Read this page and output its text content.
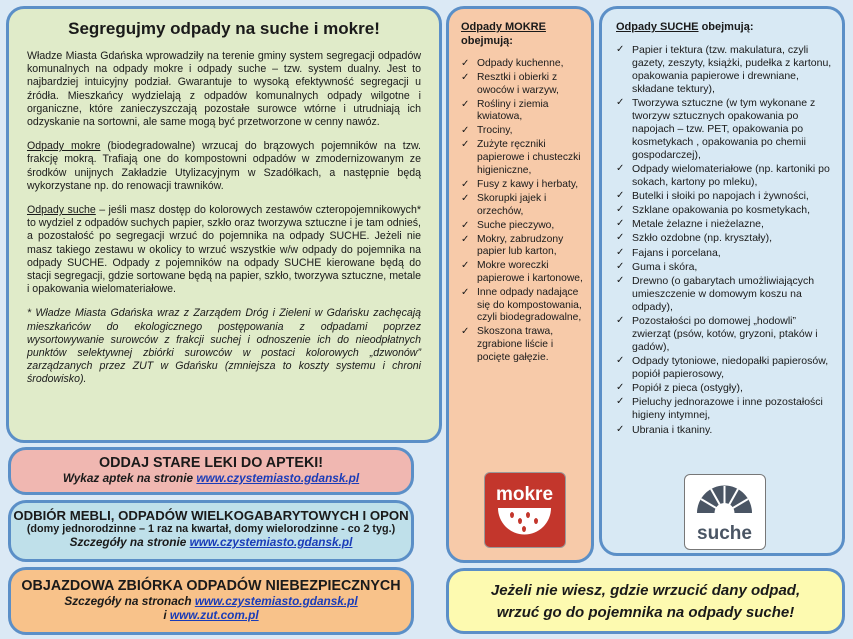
Segregujmy odpady na suche i mokre!

Władze Miasta Gdańska wprowadziły na terenie gminy system segregacji odpadów komunalnych na odpady mokre i odpady suche – tzw. system dualny. Jest to najbardziej intuicyjny podział. Gwarantuje to wysoką efektywność segregacji u źródła. Mieszkańcy wydzielają z odpadów komunalnych odpady wilgotne i organiczne, które zanieczyszczają pozostałe surowce wtórne i utrudniają ich odzyskanie na sortowni, ale same mogą być przetworzone w cenny nawóz.

Odpady mokre (biodegradowalne) wrzucaj do brązowych pojemników na tzw. frakcję mokrą. Trafiają one do kompostowni odpadów w zmodernizowanym ze środków unijnych Zakładzie Utylizacyjnym w Szadółkach, a następnie będą wykorzystane np. do renowacji trawników.

Odpady suche – jeśli masz dostęp do kolorowych zestawów czteropojemnikowych* to wydziel z odpadów suchych papier, szkło oraz tworzywa sztuczne i je tam odnieś, a pozostałość po segregacji wrzuć do pojemnika na odpady SUCHE. Jeżeli nie masz takiego zestawu w okolicy to wrzuć wszystkie w/w odpady do pojemnika na odpady SUCHE. Odpady z pojemników na odpady SUCHE kierowane będą do stacji segregacji, gdzie sortowane będą na papier, szkło, tworzywa sztuczne, metale i opakowania wielomateriałowe.

* Władze Miasta Gdańska wraz z Zarządem Dróg i Zieleni w Gdańsku zachęcają mieszkańców do ekologicznego postępowania z odpadami poprzez wysortowywanie surowców z frakcji suchej i odnoszenie ich do nieodpłatnych punktów selektywnej zbiórki surowców w postaci kolorowych „dzwonów” zarządzanych przez ZUT w Gdańsku (zmniejsza to koszty systemu i chroni środowisko).

ODDAJ STARE LEKI DO APTEKI!
Wykaz aptek na stronie www.czystemiasto.gdansk.pl
ODBIÓR MEBLI, ODPADÓW WIELKOGABARYTOWYCH I OPON
(domy jednorodzinne – 1 raz na kwartał, domy wielorodzinne - co 2 tyg.)
Szczegóły na stronie www.czystemiasto.gdansk.pl
OBJAZDOWA ZBIÓRKA ODPADÓW NIEBEZPIECZNYCH
Szczegóły na stronach www.czystemiasto.gdansk.pl
i www.zut.com.pl
Odpady MOKRE
obejmują:
✓ Odpady kuchenne,
✓ Resztki i obierki z owoców i warzyw,
✓ Rośliny i ziemia kwiatowa,
✓ Trociny,
✓ Zużyte ręczniki papierowe i chusteczki higieniczne,
✓ Fusy z kawy i herbaty,
✓ Skorupki jajek i orzechów,
✓ Suche pieczywo,
✓ Mokry, zabrudzony papier lub karton,
✓ Mokre woreczki papierowe i kartonowe,
✓ Inne odpady nadające się do kompostowania, czyli biodegradowalne,
✓ Skoszona trawa, zgrabione liście i pocięte gałęzie.
mokre
Odpady SUCHE obejmują:
✓ Papier i tektura (tzw. makulatura, czyli gazety, zeszyty, książki, pudełka z kartonu, opakowania papierowe i drewniane, składane tektury),
✓ Tworzywa sztuczne (w tym wykonane z tworzyw sztucznych opakowania po napojach – tzw. PET, opakowania po kosmetykach , opakowania po chemii gospodarczej),
✓ Odpady wielomateriałowe (np. kartoniki po sokach, kartony po mleku),
✓ Butelki i słoiki po napojach i żywności,
✓ Szklane opakowania po kosmetykach,
✓ Metale żelazne i nieżelazne,
✓ Szkło ozdobne (np. kryształy),
✓ Fajans i porcelana,
✓ Guma i skóra,
✓ Drewno (o gabarytach umożliwiających umieszczenie w domowym koszu na odpady),
✓ Pozostałości po domowej „hodowli” zwierząt (psów, kotów, gryzoni, ptaków i gadów),
✓ Odpady tytoniowe, niedopałki papierosów, popiół papierosowy,
✓ Popiół z pieca (ostygły),
✓ Pieluchy jednorazowe i inne pozostałości higieny intymnej,
✓ Ubrania i tkaniny.
suche
Jeżeli nie wiesz, gdzie wrzucić dany odpad,
wrzuć go do pojemnika na odpady suche!
